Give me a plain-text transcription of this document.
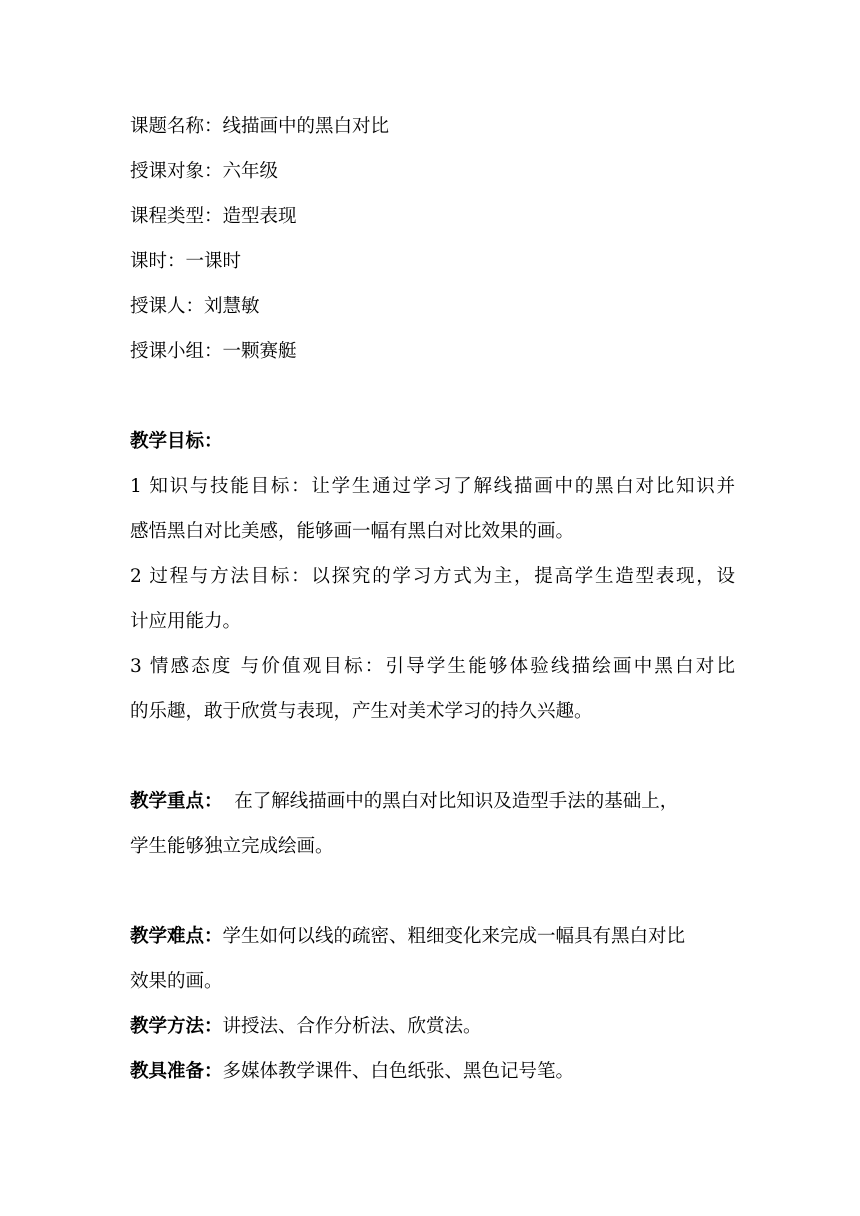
课题名称：线描画中的黑白对比
授课对象：六年级
课程类型：造型表现
课时：一课时
授课人：刘慧敏
授课小组：一颗赛艇
教学目标：
1 知识与技能目标：让学生通过学习了解线描画中的黑白对比知识并
感悟黑白对比美感，能够画一幅有黑白对比效果的画。
2 过程与方法目标：以探究的学习方式为主，提高学生造型表现，设
计应用能力。
3 情感态度 与价值观目标：引导学生能够体验线描绘画中黑白对比
的乐趣，敢于欣赏与表现，产生对美术学习的持久兴趣。
教学重点：  在了解线描画中的黑白对比知识及造型手法的基础上，
学生能够独立完成绘画。
教学难点：学生如何以线的疏密、粗细变化来完成一幅具有黑白对比
效果的画。
教学方法：讲授法、合作分析法、欣赏法。
教具准备：多媒体教学课件、白色纸张、黑色记号笔。
